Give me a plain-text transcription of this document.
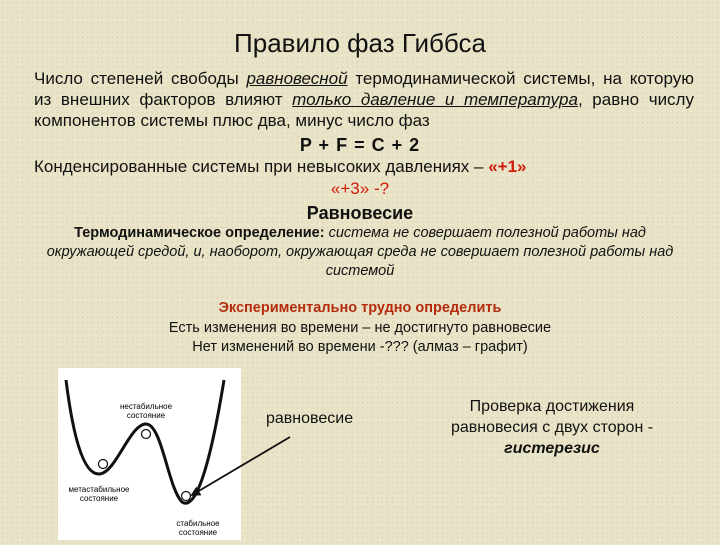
Правило фаз Гиббса
Число степеней свободы равновесной термодинамической системы, на которую из внешних факторов влияют только давление и температура, равно числу компонентов системы плюс два, минус число фаз
P + F = C + 2
Конденсированные системы при невысоких давлениях – «+1»
«+3» -?
Равновесие
Термодинамическое определение: система не совершает полезной работы над окружающей средой, и, наоборот, окружающая среда не совершает полезной работы над системой
Экспериментально трудно определить
Есть изменения во времени – не достигнуто равновесие
Нет изменений во времени -??? (алмаз – графит)
нестабильное
состояние
метастабильное
состояние
стабильное
состояние
равновесие
Проверка достижения равновесия с двух сторон - гистерезис
